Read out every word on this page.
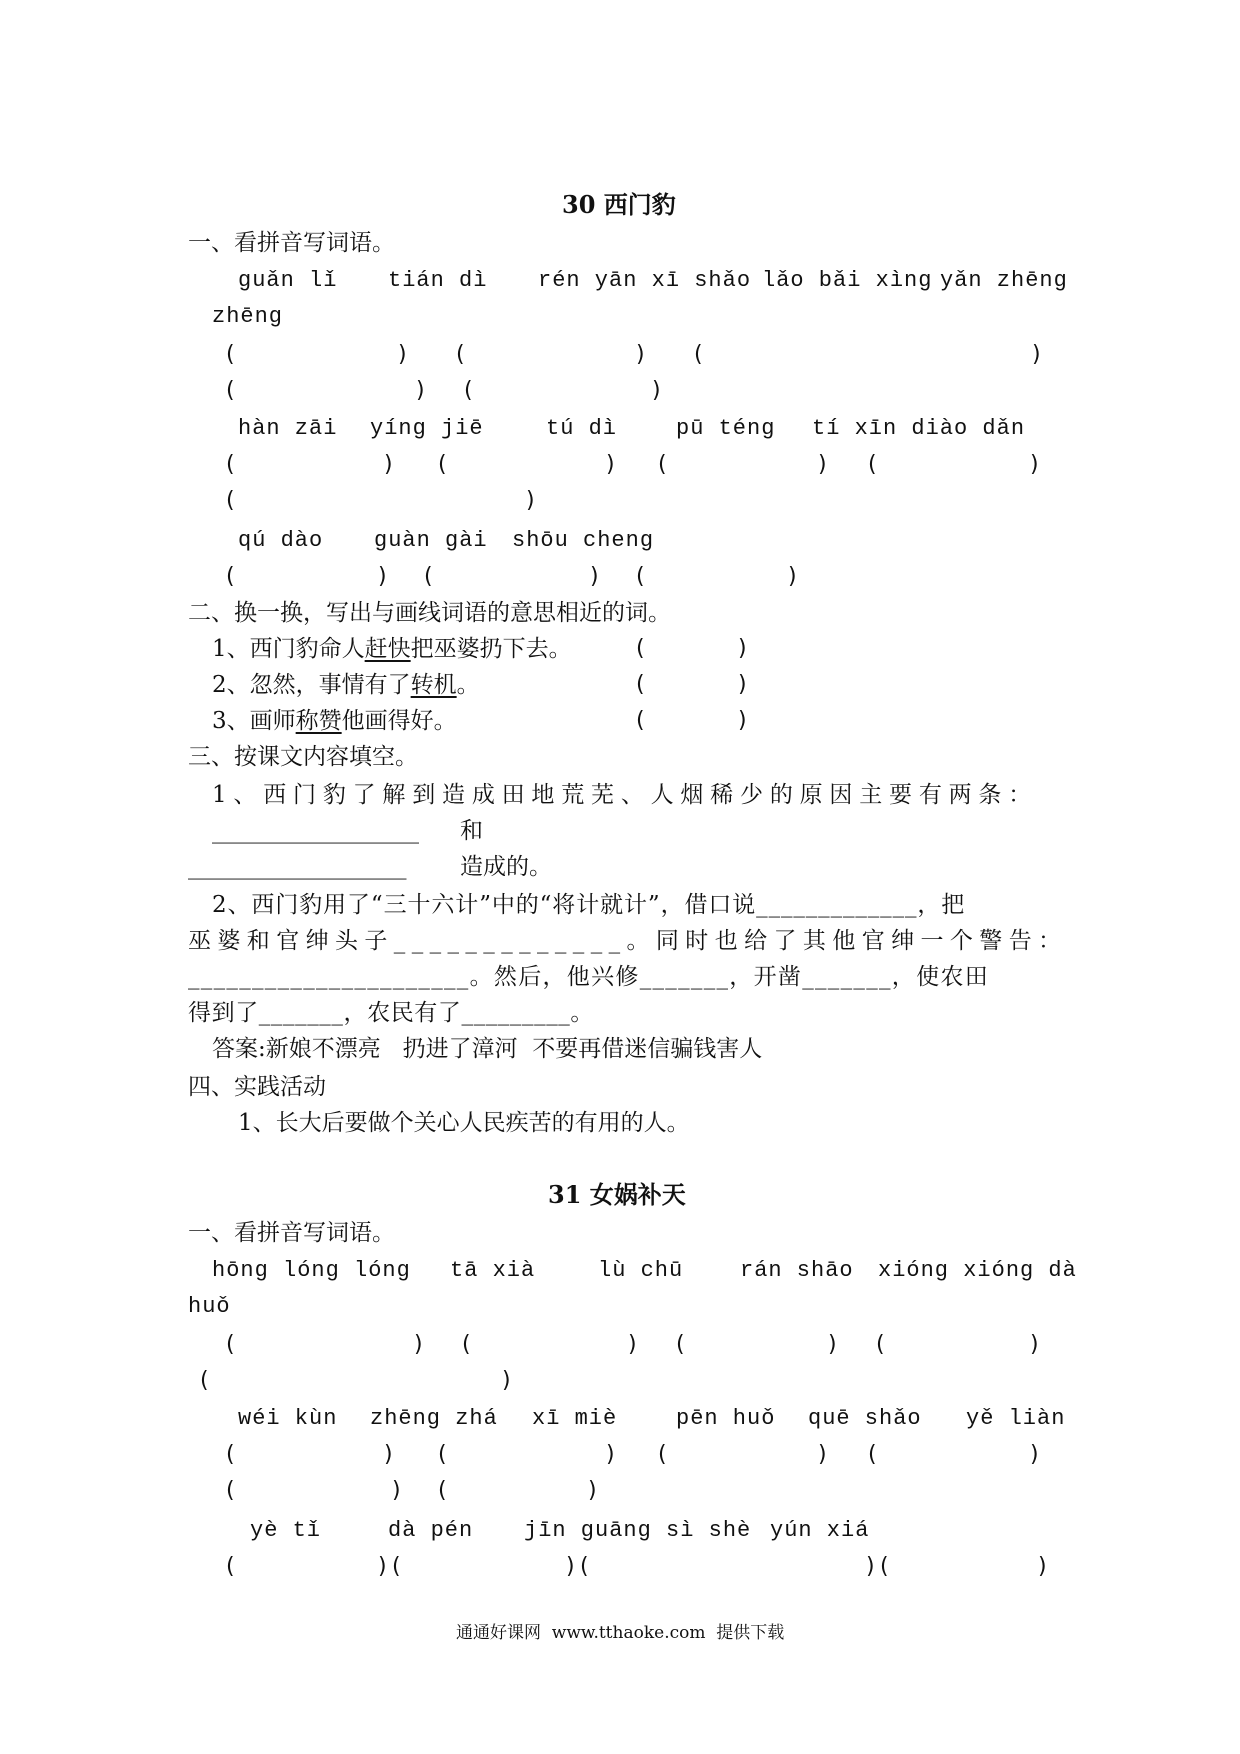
30 西门豹
一、看拼音写词语。
guǎn lǐ tián dì rén yān xī shǎo lǎo bǎi xìng yǎn zhēng
zhēng
(	) (	) (	)
(	) (	)
hàn zāi yíng jiē	tú dì	pū téng tí xīn diào dǎn
(	) (	) (	) (	)
(	)
qú dào guàn gài shōu cheng
(	) (	) (	)
二、换一换，写出与画线词语的意思相近的词。
1、西门豹命人赶快把巫婆扔下去。	(	)
2、忽然，事情有了转机。	(	)
3、画师称赞他画得好。	(	)
三、按课文内容填空。
1、西门豹了解到造成田地荒芜、人烟稀少的原因主要有两条：
__________________ 和
___________________ 造成的。
2、西门豹用了“三十六计”中的“将计就计”，借口说_____________，把
巫婆和官绅头子_____________。同时也给了其他官绅一个警告：
______________________。然后，他兴修_______，开凿_______，使农田
得到了_______，农民有了_________。
答案:新娘不漂亮   扔进了漳河  不要再借迷信骗钱害人
四、实践活动
1、长大后要做个关心人民疾苦的有用的人。
31 女娲补天
一、看拼音写词语。
hōng lóng lóng tā xià	lù chū	rán shāo xióng xióng dà
huǒ
(	) (	) (	) (	)
(	)
wéi kùn zhēng zhá xī miè	pēn huǒ quē shǎo yě liàn
(	) (	) (	) (	)
(	) (	)
yè tǐ	dà pén jīn guāng sì shè yún xiá
(	) (	) (	) (	)
通通好课网  www.tthaoke.com  提供下载
